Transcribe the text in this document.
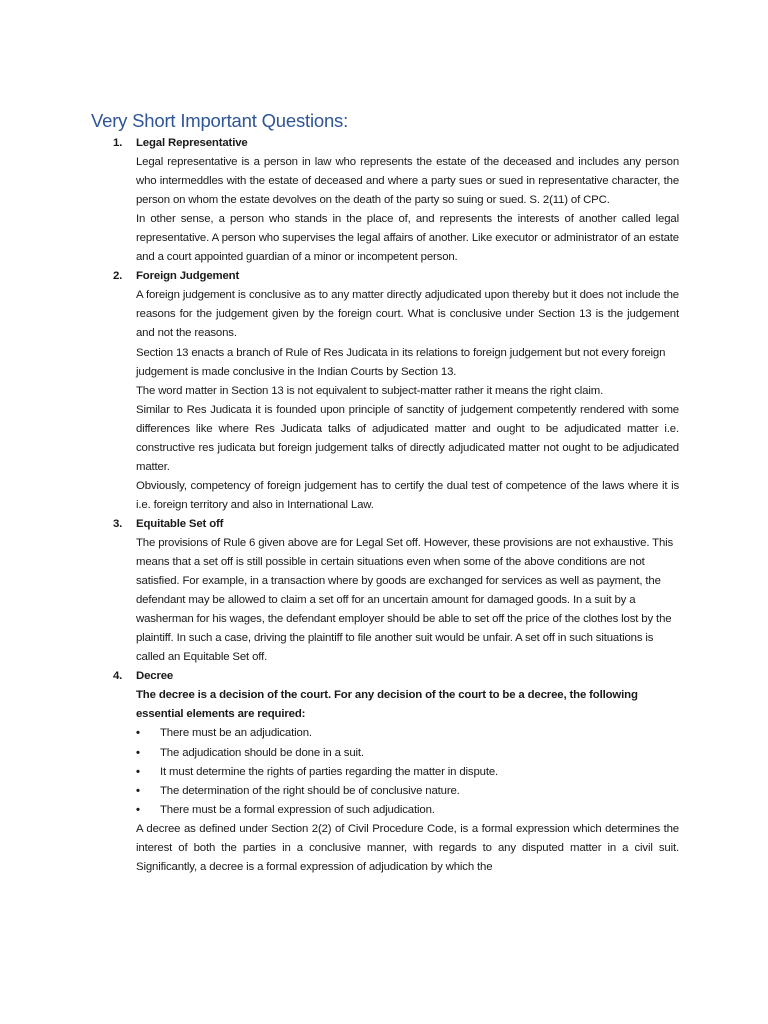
Very Short Important Questions:
1. Legal Representative

Legal representative is a person in law who represents the estate of the deceased and includes any person who intermeddles with the estate of deceased and where a party sues or sued in representative character, the person on whom the estate devolves on the death of the party so suing or sued. S. 2(11) of CPC.

In other sense, a person who stands in the place of, and represents the interests of another called legal representative. A person who supervises the legal affairs of another. Like executor or administrator of an estate and a court appointed guardian of a minor or incompetent person.

2. Foreign Judgement

A foreign judgement is conclusive as to any matter directly adjudicated upon thereby but it does not include the reasons for the judgement given by the foreign court. What is conclusive under Section 13 is the judgement and not the reasons.

Section 13 enacts a branch of Rule of Res Judicata in its relations to foreign judgement but not every foreign judgement is made conclusive in the Indian Courts by Section 13.

The word matter in Section 13 is not equivalent to subject-matter rather it means the right claim.

Similar to Res Judicata it is founded upon principle of sanctity of judgement competently rendered with some differences like where Res Judicata talks of adjudicated matter and ought to be adjudicated matter i.e. constructive res judicata but foreign judgement talks of directly adjudicated matter not ought to be adjudicated matter.

Obviously, competency of foreign judgement has to certify the dual test of competence of the laws where it is i.e. foreign territory and also in International Law.

3. Equitable Set off

The provisions of Rule 6 given above are for Legal Set off. However, these provisions are not exhaustive. This means that a set off is still possible in certain situations even when some of the above conditions are not satisfied. For example, in a transaction where by goods are exchanged for services as well as payment, the defendant may be allowed to claim a set off for an uncertain amount for damaged goods. In a suit by a washerman for his wages, the defendant employer should be able to set off the price of the clothes lost by the plaintiff. In such a case, driving the plaintiff to file another suit would be unfair. A set off in such situations is called an Equitable Set off.

4. Decree

The decree is a decision of the court. For any decision of the court to be a decree, the following essential elements are required:

• There must be an adjudication.
• The adjudication should be done in a suit.
• It must determine the rights of parties regarding the matter in dispute.
• The determination of the right should be of conclusive nature.
• There must be a formal expression of such adjudication.

A decree as defined under Section 2(2) of Civil Procedure Code, is a formal expression which determines the interest of both the parties in a conclusive manner, with regards to any disputed matter in a civil suit. Significantly, a decree is a formal expression of adjudication by which the
